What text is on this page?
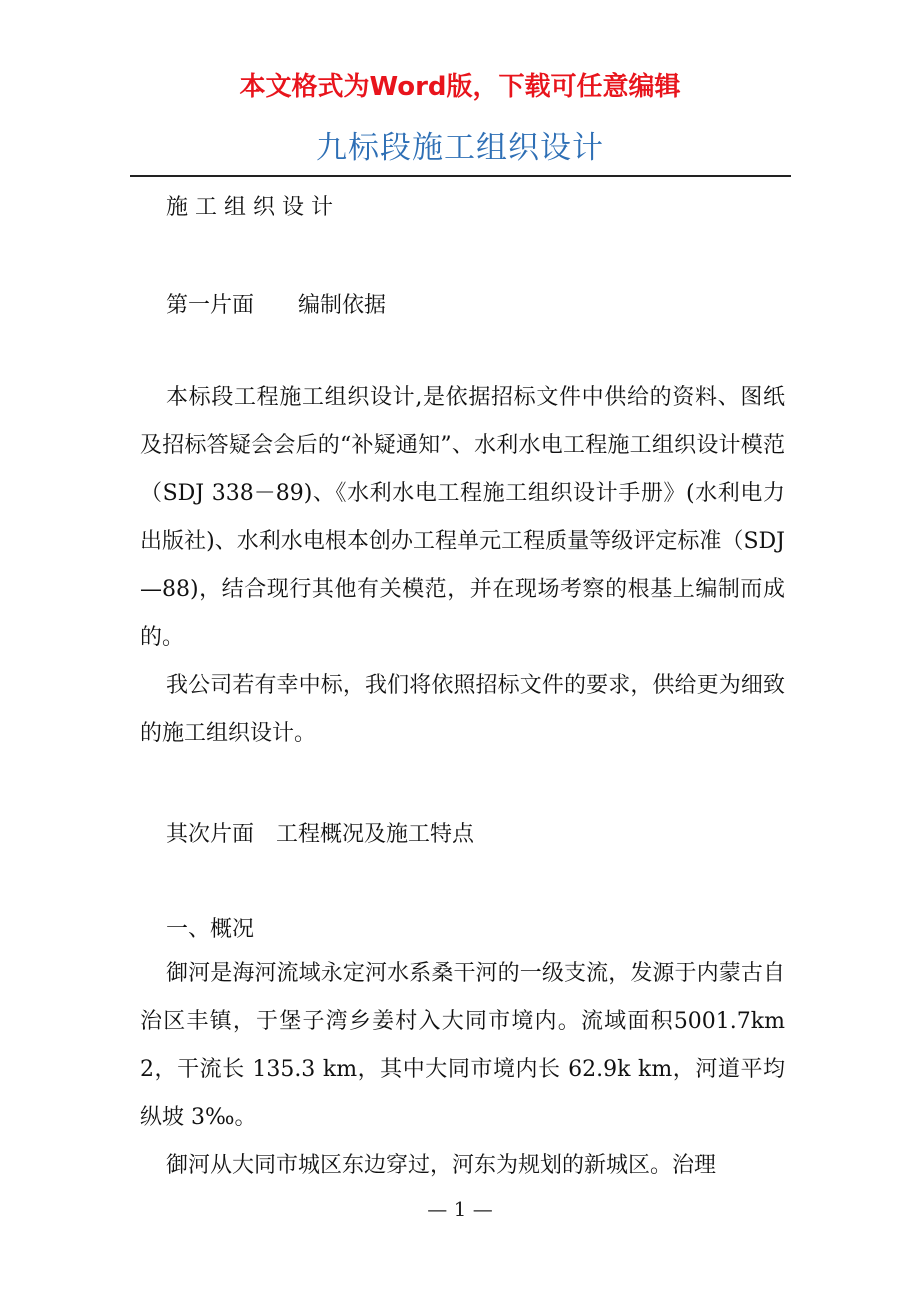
本文格式为Word版，下载可任意编辑
九标段施工组织设计
施 工 组 织 设 计
第一片面　　编制依据

本标段工程施工组织设计,是依据招标文件中供给的资料、图纸及招标答疑会会后的“补疑通知”、水利水电工程施工组织设计模范（SDJ 338－89)、《水利水电工程施工组织设计手册》(水利电力出版社)、水利水电根本创办工程单元工程质量等级评定标准（SDJ—88)，结合现行其他有关模范，并在现场考察的根基上编制而成的。

我公司若有幸中标，我们将依照招标文件的要求，供给更为细致的施工组织设计。

其次片面　工程概况及施工特点
一、概况

御河是海河流域永定河水系桑干河的一级支流，发源于内蒙古自治区丰镇，于堡子湾乡姜村入大同市境内。流域面积5001.7km2，干流长 135.3 km，其中大同市境内长 62.9k km，河道平均纵坡 3‰。

御河从大同市城区东边穿过，河东为规划的新城区。治理

— 1 —
